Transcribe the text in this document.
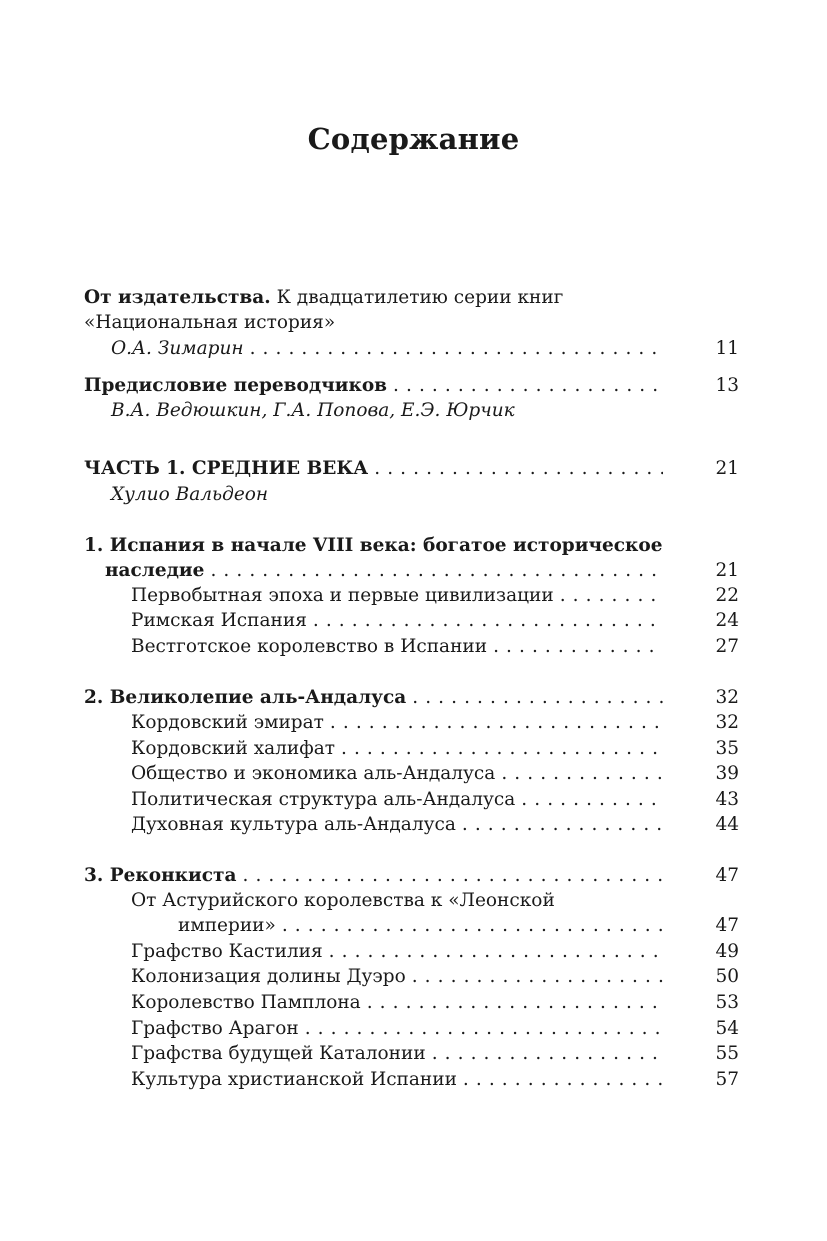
Содержание
От издательства. К двадцатилетию серии книг
«Национальная история»
О.А. Зимарин . . .	11
Предисловие переводчиков . . .	13
В.А. Ведюшкин, Г.А. Попова, Е.Э. Юрчик
ЧАСТЬ 1. СРЕДНИЕ ВЕКА . . .	21
Хулио Вальдеон
1. Испания в начале VIII века: богатое историческое
наследие . . .	21
Первобытная эпоха и первые цивилизации . . .	22
Римская Испания . . .	24
Вестготское королевство в Испании . . .	27
2. Великолепие аль-Андалуса . . .	32
Кордовский эмират . . .	32
Кордовский халифат . . .	35
Общество и экономика аль-Андалуса . . .	39
Политическая структура аль-Андалуса . . .	43
Духовная культура аль-Андалуса . . .	44
3. Реконкиста . . .	47
От Астурийского королевства к «Леонской
империи» . . .	47
Графство Кастилия . . .	49
Колонизация долины Дуэро . . .	50
Королевство Памплона . . .	53
Графство Арагон . . .	54
Графства будущей Каталонии . . .	55
Культура христианской Испании . . .	57
